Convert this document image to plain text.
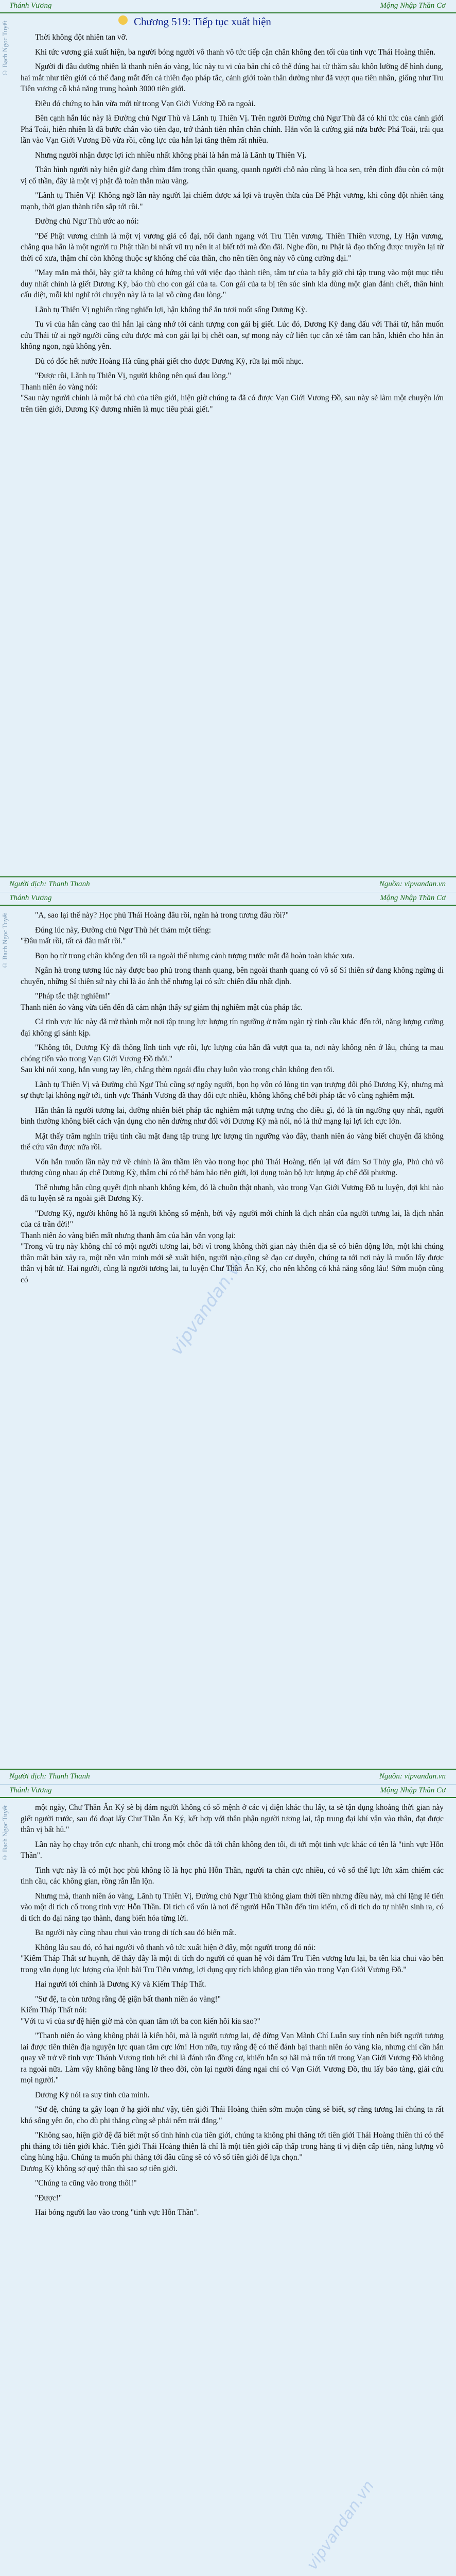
Thánh Vương	Mộng Nhập Thần Cơ
© Bạch Ngọc Tuyết	Chương 519: Tiếp tục xuất hiện

Thời không đột nhiên tan vỡ.

Khi tức vương giả xuất hiện, ba người bóng người vô thanh vô tức tiếp cận chân không đen tối của tinh vực Thái Hoàng thiên.

Người đi đầu dường nhiên là thanh niên áo vàng, lúc này tu vi của bản chí cô thể đúng hai từ thăm sâu khôn lường để hình dung, hai mắt như tiên giới có thể đang mắt đến cả thiên đạo pháp tắc, cảnh giới toàn thân dường như đã vượt qua tiên nhân, giống như Tru Tiên vương cỗ khả năng trung hoành 3000 tiên giới.

Điều đó chứng to hắn vừa mới từ trong Vạn Giới Vương Đồ ra ngoài.

Bên cạnh hắn lúc này là Đường chủ Ngư Thù và Lãnh tụ Thiên Vị. Trên người Đường chủ Ngư Thù đã có khí tức của cảnh giới Phá Toái, hiển nhiên là đã bước chân vào tiên đạo, trở thành tiên nhân chân chính. Hắn vốn là cường giả nửa bước Phá Toái, trải qua lần vào Vạn Giới Vương Đồ vừa rồi, công lực của hắn lại tăng thêm rất nhiều.

Nhưng người nhận được lợi ích nhiều nhất không phải là hắn mà là Lãnh tụ Thiên Vị.

Thân hình người này hiện giờ đang chìm đắm trong thần quang, quanh người chỗ nào cũng là hoa sen, trên đỉnh đầu còn có một vị cổ thần, đây là một vị phật đà toàn thân màu vàng.

"Lãnh tụ Thiên Vị! Không ngờ lần này người lại chiếm được xá lợi và truyền thừa của Đế Phật vương, khi công đột nhiên tăng mạnh, thời gian thành tiên sắp tới rồi."

Đường chủ Ngư Thù ước ao nói:

"Đế Phật vương chính là một vị vương giả cổ đại, nổi danh ngang với Tru Tiên vương. Thiên Thiên vương, Ly Hận vương, chẳng qua hắn là một người tu Phật thần bí nhất vũ trụ nên ít ai biết tới mà đồn đãi. Nghe đồn, tu Phật là đạo thống được truyền lại từ thời cổ xưa, thậm chí còn không thuộc sự khống chế của thần, cho nên tiền ông này vô cùng cường đại."

"May mắn mà thôi, bây giờ ta không có hứng thú với việc đạo thành tiên, tâm tư của ta bây giờ chỉ tập trung vào một mục tiêu duy nhất chính là giết Dương Kỳ, báo thù cho con gái của ta. Con gái của ta bị tên súc sinh kia dùng một gian đánh chết, thân hình cấu diệt, mỗi khi nghĩ tới chuyện này là ta lại vô cùng đau lòng."

Lãnh tụ Thiên Vị nghiến răng nghiến lợi, hận không thể ăn tươi nuốt sống Dương Kỳ.

Tu vi của hắn càng cao thì hắn lại càng nhớ tới cảnh tượng con gái bị giết. Lúc đó, Dương Kỳ đang đấu với Thái tử, hắn muốn cứu Thái tử ai ngờ người cũng cứu được mà con gái lại bị chết oan, sự mong này cứ liên tục cắn xé tâm can hắn, khiến cho hắn ăn không ngon, ngủ không yên.

Dù có đốc hết nước Hoàng Hà cũng phải giết cho được Dương Kỳ, rửa lại mối nhục.

"Được rồi, Lãnh tụ Thiên Vị, người không nên quá đau lòng."
Thanh niên áo vàng nói:
"Sau này người chính là một bá chủ của tiên giới, hiện giờ chúng ta đã có được Vạn Giới Vương Đồ, sau này sẽ làm một chuyện lớn trên tiên giới, Dương Kỳ đương nhiên là mục tiêu phải giết."

Người dịch: Thanh Thanh	Nguồn: vipvandan.vn
Thánh Vương	Mộng Nhập Thần Cơ
© Bạch Ngọc Tuyết	"A, sao lại thế này? Học phủ Thái Hoàng đâu rồi, ngàn hà trong tương đâu rồi?"

Đúng lúc này, Đường chủ Ngư Thù hét thảm một tiếng:
"Đâu mất rồi, tất cả đâu mất rồi."

Bọn họ từ trong chân không đen tối ra ngoài thế nhưng cảnh tượng trước mắt đã hoàn toàn khác xưa.

Ngân hà trong tương lúc này được bao phủ trong thanh quang, bên ngoài thanh quang có vô số Sí thiên sứ đang không ngừng di chuyển, những Sí thiên sứ này chỉ là ảo ảnh thế nhưng lại có sức chiến đấu nhất định.

"Pháp tắc thật nghiêm!"
Thanh niên áo vàng vừa tiến đến đã cảm nhận thấy sự giảm thị nghiêm mật của pháp tắc.

Cả tinh vực lúc này đã trở thành một nơi tập trung lực lượng tín ngưỡng ở trăm ngàn tỷ tinh cầu khác đến tới, năng lượng cường đại không gì sánh kịp.

"Không tốt, Dương Kỳ đã thống lĩnh tinh vực rồi, lực lượng của hắn đã vượt qua ta, nơi này không nên ở lâu, chúng ta mau chóng tiến vào trong Vạn Giới Vương Đồ thôi."
Sau khi nói xong, hắn vung tay lên, chẳng thèm ngoái đầu chạy luôn vào trong chân không đen tối.

Lãnh tụ Thiên Vị và Đường chủ Ngư Thù cũng sợ ngây người, bọn họ vốn có lòng tin vạn trượng đối phó Dương Kỳ, nhưng mà sự thực lại không ngờ tới, tinh vực Thánh Vương đã thay đổi cực nhiều, không khống chế bởi pháp tắc vô cùng nghiêm mật.

Hắn thân là người tương lai, dường nhiên biết pháp tắc nghiêm mật tượng trưng cho điều gì, đó là tín ngưỡng quy nhất, người bình thường không biết cách vận dụng cho nên dường như đối với Dương Kỳ mà nói, nó là thứ mạng lại lợi ích cực lớn.

Mặt thấy trăm nghìn triệu tinh cầu mặt đang tập trung lực lượng tín ngưỡng vào đây, thanh niên áo vàng biết chuyện đã không thể cứu vãn được nữa rồi.

Vốn hắn muốn lần này trở về chính là âm thầm lên vào trong học phủ Thái Hoàng, tiến lại với đám Sơ Thủy gia, Phủ chủ vô thượng cùng nhau áp chế Dương Kỳ, thậm chí có thể bám bảo tiên giới, lợi dụng toàn bộ lực lượng áp chế đối phương.

Thế nhưng hắn cũng quyết định nhanh không kém, đó là chuồn thật nhanh, vào trong Vạn Giới Vương Đồ tu luyện, đợi khi nào đã tu luyện sẽ ra ngoài giết Dương Kỳ.

"Dương Kỳ, người không hổ là người không số mệnh, bởi vậy người mới chính là địch nhân của người tương lai, là địch nhân của cả trần đời!"
Thanh niên áo vàng biến mất nhưng thanh âm của hắn vẫn vọng lại:
"Trong vũ trụ này không chỉ có một người tương lai, bởi vì trong không thời gian này thiên địa sẽ có biến động lớn, một khi chúng thần mất bản xảy ra, một nền văn minh mới sẽ xuất hiện, người nào cũng sẽ đạo cơ duyên, chúng ta tới nơi này là muốn lấy được thần vị bất tử. Hai người, cũng là người tương lai, tu luyện Chư Thần Ấn Ký, cho nên không có khả năng sống lâu! Sớm muộn cũng có	vipvandan.vn
Người dịch: Thanh Thanh	Nguồn: vipvandan.vn
Thánh Vương	Mộng Nhập Thần Cơ
© Bạch Ngọc Tuyết	một ngày, Chư Thần Ấn Ký sẽ bị đám người không có số mệnh ở các vị diện khác thu lấy, ta sẽ tận dụng khoảng thời gian này giết người trước, sau đó đoạt lấy Chư Thần Ấn Ký, kết hợp với thân phận người tương lai, tập trung đại khí vận vào thân, đạt được thần vị bất hủ."

Lần này họ chạy trốn cực nhanh, chỉ trong một chốc đã tới chân không đen tối, đi tới một tinh vực khác có tên là "tinh vực Hỗn Thần".

Tinh vực này là có một học phủ không lồ là học phủ Hỗn Thần, người ta chăn cực nhiều, có vô số thể lực lớn xâm chiếm các tinh cầu, các không gian, rồng rắn lẫn lộn.

Nhưng mà, thanh niên áo vàng, Lãnh tụ Thiên Vị, Đường chủ Ngư Thù không giam thời tiền nhưng điều này, mà chỉ lặng lẽ tiến vào một di tích cổ trong tinh vực Hỗn Thần. Di tích cổ vốn là nơi để người Hỗn Thần đến tìm kiếm, cổ di tích do tự nhiên sinh ra, có di tích do đại năng tạo thành, đang biến hóa từng lời.

Ba người này cùng nhau chui vào trong di tích sau đó biến mất.

Không lâu sau đó, có hai người vô thanh vô tức xuất hiện ở đây, một người trong đó nói:
"Kiếm Tháp Thất sư huynh, để thấy đây là một di tích do người có quan hệ với đám Tru Tiên vương lưu lại, ba tên kia chui vào bên trong văn dụng lực lượng của lệnh bài Tru Tiên vương, lợi dụng quy tích không gian tiến vào trong Vạn Giới Vương Đồ."

Hai người tới chính là Dương Kỳ và Kiếm Tháp Thất.

"Sư đệ, ta còn tưởng rằng đệ giận bất thanh niên áo vàng!"
Kiếm Tháp Thất nói:
"Với tu vi của sư đệ hiện giờ mà còn quan tâm tới ba con kiến hôi kia sao?"

"Thanh niên áo vàng không phải là kiến hôi, mà là người tương lai, đệ đừng Vạn Mãnh Chí Luân suy tính nên biết người tương lai được tiên thiên địa nguyện lực quan tâm cực lớn! Hơn nữa, tuy rằng đệ có thể đánh bại thanh niên áo vàng kia, nhưng chỉ cần hắn quay về trở về tinh vực Thánh Vương tinh hết chì là đánh rằn đồng cơ, khiến hắn sợ hãi mà trốn tới trong Vạn Giới Vương Đồ không ra ngoài nữa. Làm vậy không bằng làng lờ theo đời, còn lại người đáng ngai chỉ có Vạn Giới Vương Đồ, thu lấy bảo tàng, giải cứu mọi người."

Dương Kỳ nói ra suy tính của mình.

"Sư đệ, chúng ta gây loạn ở hạ giới như vậy, tiên giới Thái Hoàng thiên sớm muộn cũng sẽ biết, sợ rằng tương lai chúng ta rất khó sống yên ổn, cho dù phi thăng cũng sẽ phải nếm trái đắng."

"Không sao, hiện giờ đệ đã biết một số tình hình của tiên giới, chúng ta không phi thăng tới tiên giới Thái Hoàng thiên thì có thể phi thăng tới tiên giới khác. Tiên giới Thái Hoàng thiên là chỉ là một tiên giới cấp thấp trong hàng tỉ vị diện cấp tiên, năng lượng vô cùng hùng hậu. Chúng ta muốn phi thăng tới đâu cũng sẽ có vô số tiên giới để lựa chọn."
Dương Kỳ không sợ quý thần thì sao sợ tiên giới.

"Chúng ta cũng vào trong thôi!"

"Được!"

Hai bóng người lao vào trong "tinh vực Hỗn Thần".

vipvandan.vn
